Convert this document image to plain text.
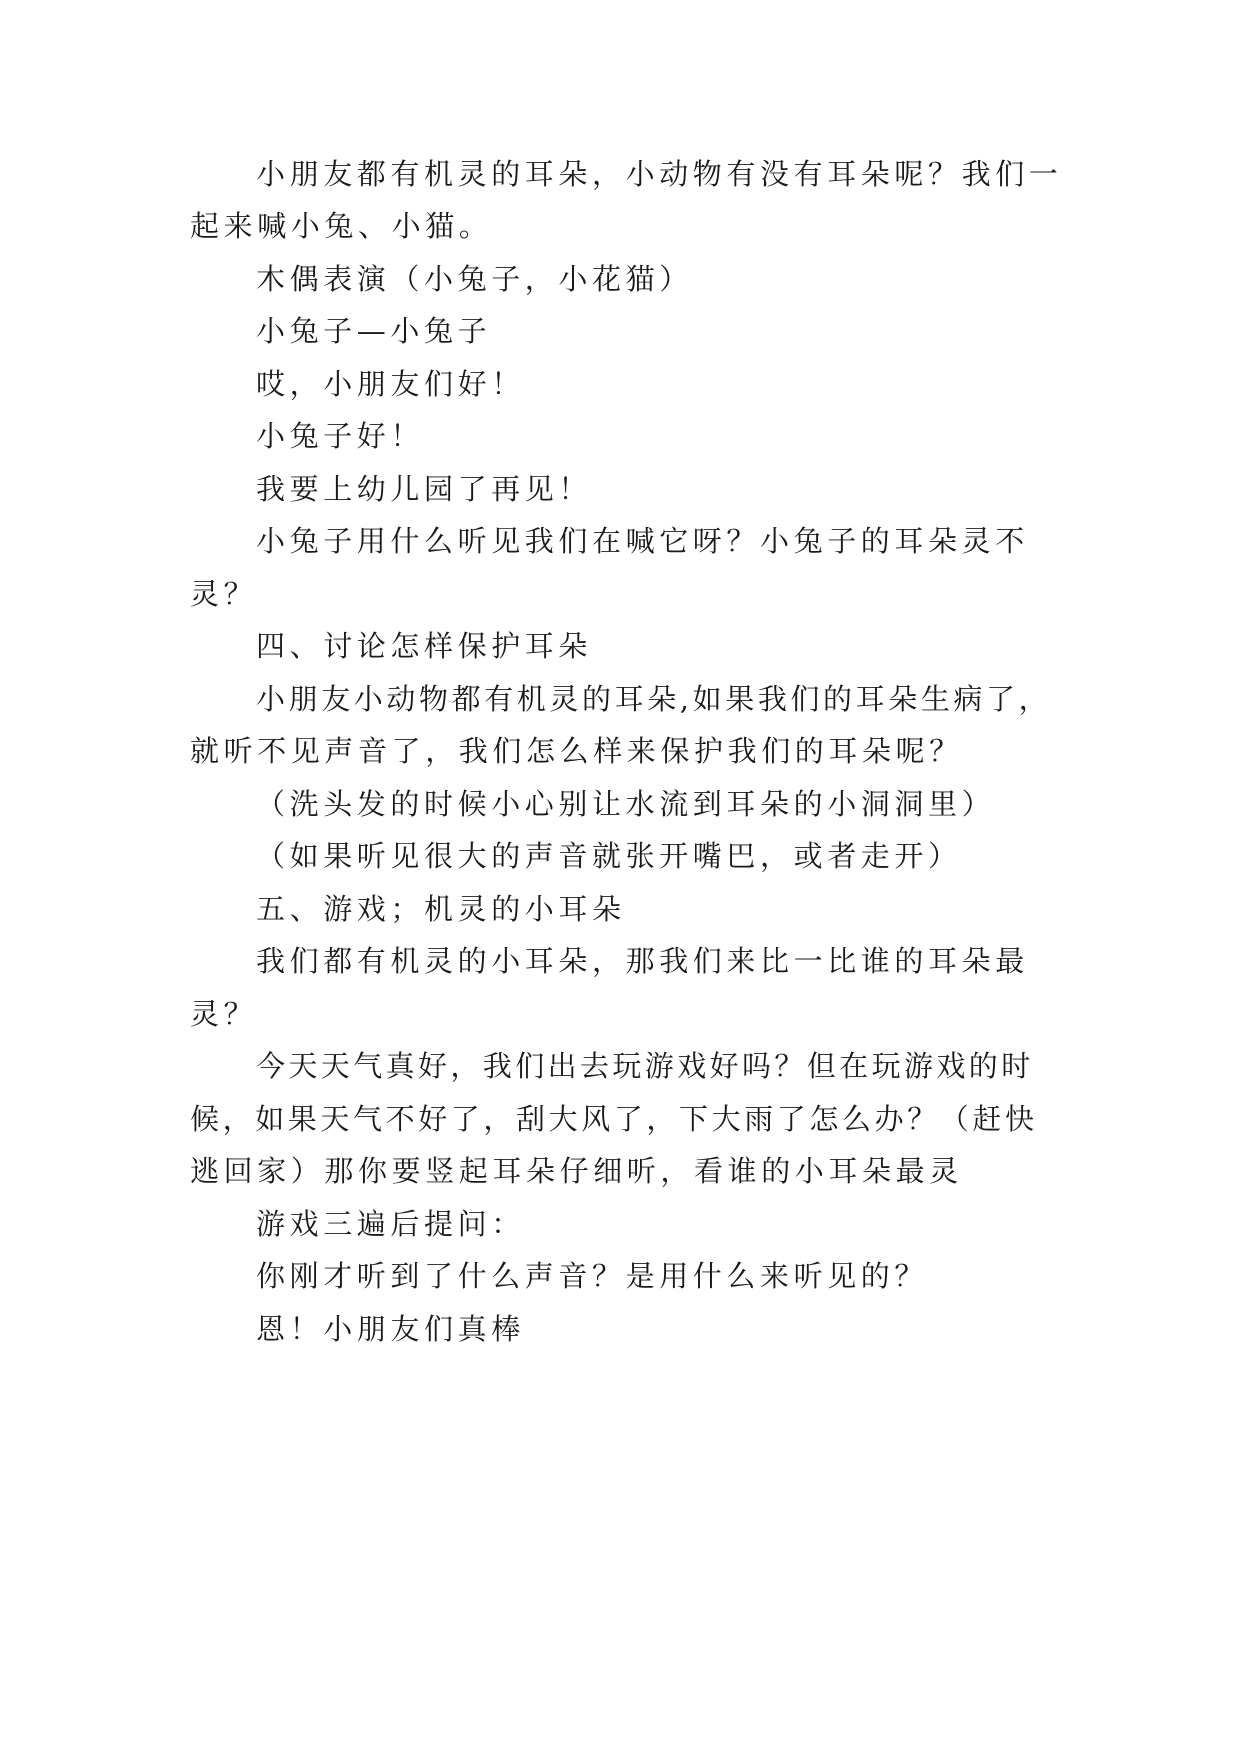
小朋友都有机灵的耳朵，小动物有没有耳朵呢？我们一
起来喊小兔、小猫。
木偶表演（小兔子，小花猫）
小兔子—小兔子
哎，小朋友们好！
小兔子好！
我要上幼儿园了再见！
小兔子用什么听见我们在喊它呀？小兔子的耳朵灵不
灵？
四、讨论怎样保护耳朵
小朋友小动物都有机灵的耳朵,如果我们的耳朵生病了，
就听不见声音了，我们怎么样来保护我们的耳朵呢？
（洗头发的时候小心别让水流到耳朵的小洞洞里）
（如果听见很大的声音就张开嘴巴，或者走开）
五、游戏；机灵的小耳朵
我们都有机灵的小耳朵，那我们来比一比谁的耳朵最
灵？
今天天气真好，我们出去玩游戏好吗？但在玩游戏的时
候，如果天气不好了，刮大风了，下大雨了怎么办？（赶快
逃回家）那你要竖起耳朵仔细听，看谁的小耳朵最灵
游戏三遍后提问：
你刚才听到了什么声音？是用什么来听见的？
恩！小朋友们真棒
